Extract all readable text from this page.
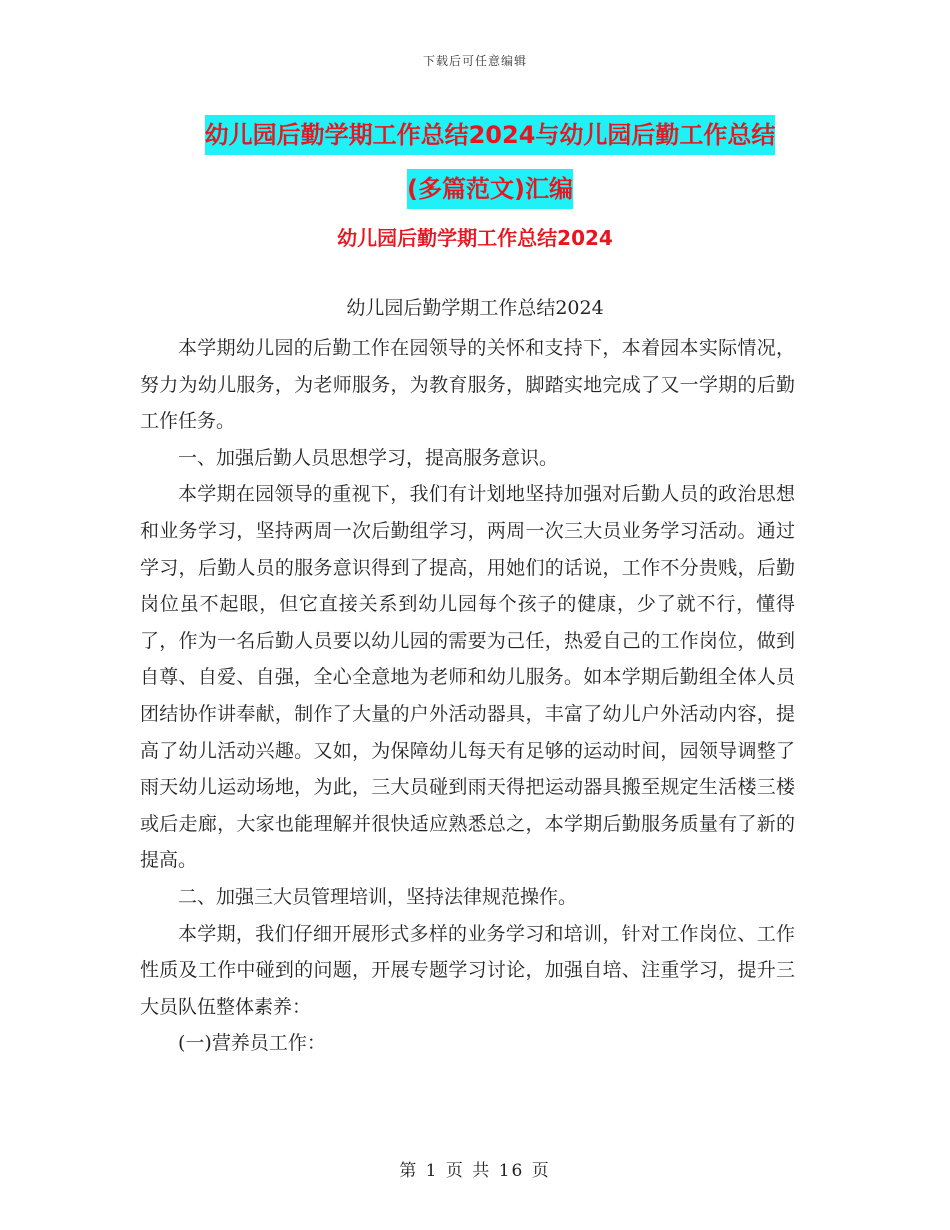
下载后可任意编辑
幼儿园后勤学期工作总结2024与幼儿园后勤工作总结
(多篇范文)汇编
幼儿园后勤学期工作总结2024
幼儿园后勤学期工作总结2024

本学期幼儿园的后勤工作在园领导的关怀和支持下，本着园本实际情况，努力为幼儿服务，为老师服务，为教育服务，脚踏实地完成了又一学期的后勤工作任务。

一、加强后勤人员思想学习，提高服务意识。

本学期在园领导的重视下，我们有计划地坚持加强对后勤人员的政治思想和业务学习，坚持两周一次后勤组学习，两周一次三大员业务学习活动。通过学习，后勤人员的服务意识得到了提高，用她们的话说，工作不分贵贱，后勤岗位虽不起眼，但它直接关系到幼儿园每个孩子的健康，少了就不行，懂得了，作为一名后勤人员要以幼儿园的需要为己任，热爱自己的工作岗位，做到自尊、自爱、自强，全心全意地为老师和幼儿服务。如本学期后勤组全体人员团结协作讲奉献，制作了大量的户外活动器具，丰富了幼儿户外活动内容，提高了幼儿活动兴趣。又如，为保障幼儿每天有足够的运动时间，园领导调整了雨天幼儿运动场地，为此，三大员碰到雨天得把运动器具搬至规定生活楼三楼或后走廊，大家也能理解并很快适应熟悉总之，本学期后勤服务质量有了新的提高。

二、加强三大员管理培训，坚持法律规范操作。

本学期，我们仔细开展形式多样的业务学习和培训，针对工作岗位、工作性质及工作中碰到的问题，开展专题学习讨论，加强自培、注重学习，提升三大员队伍整体素养：

(一)营养员工作：

第 1 页 共 16 页
